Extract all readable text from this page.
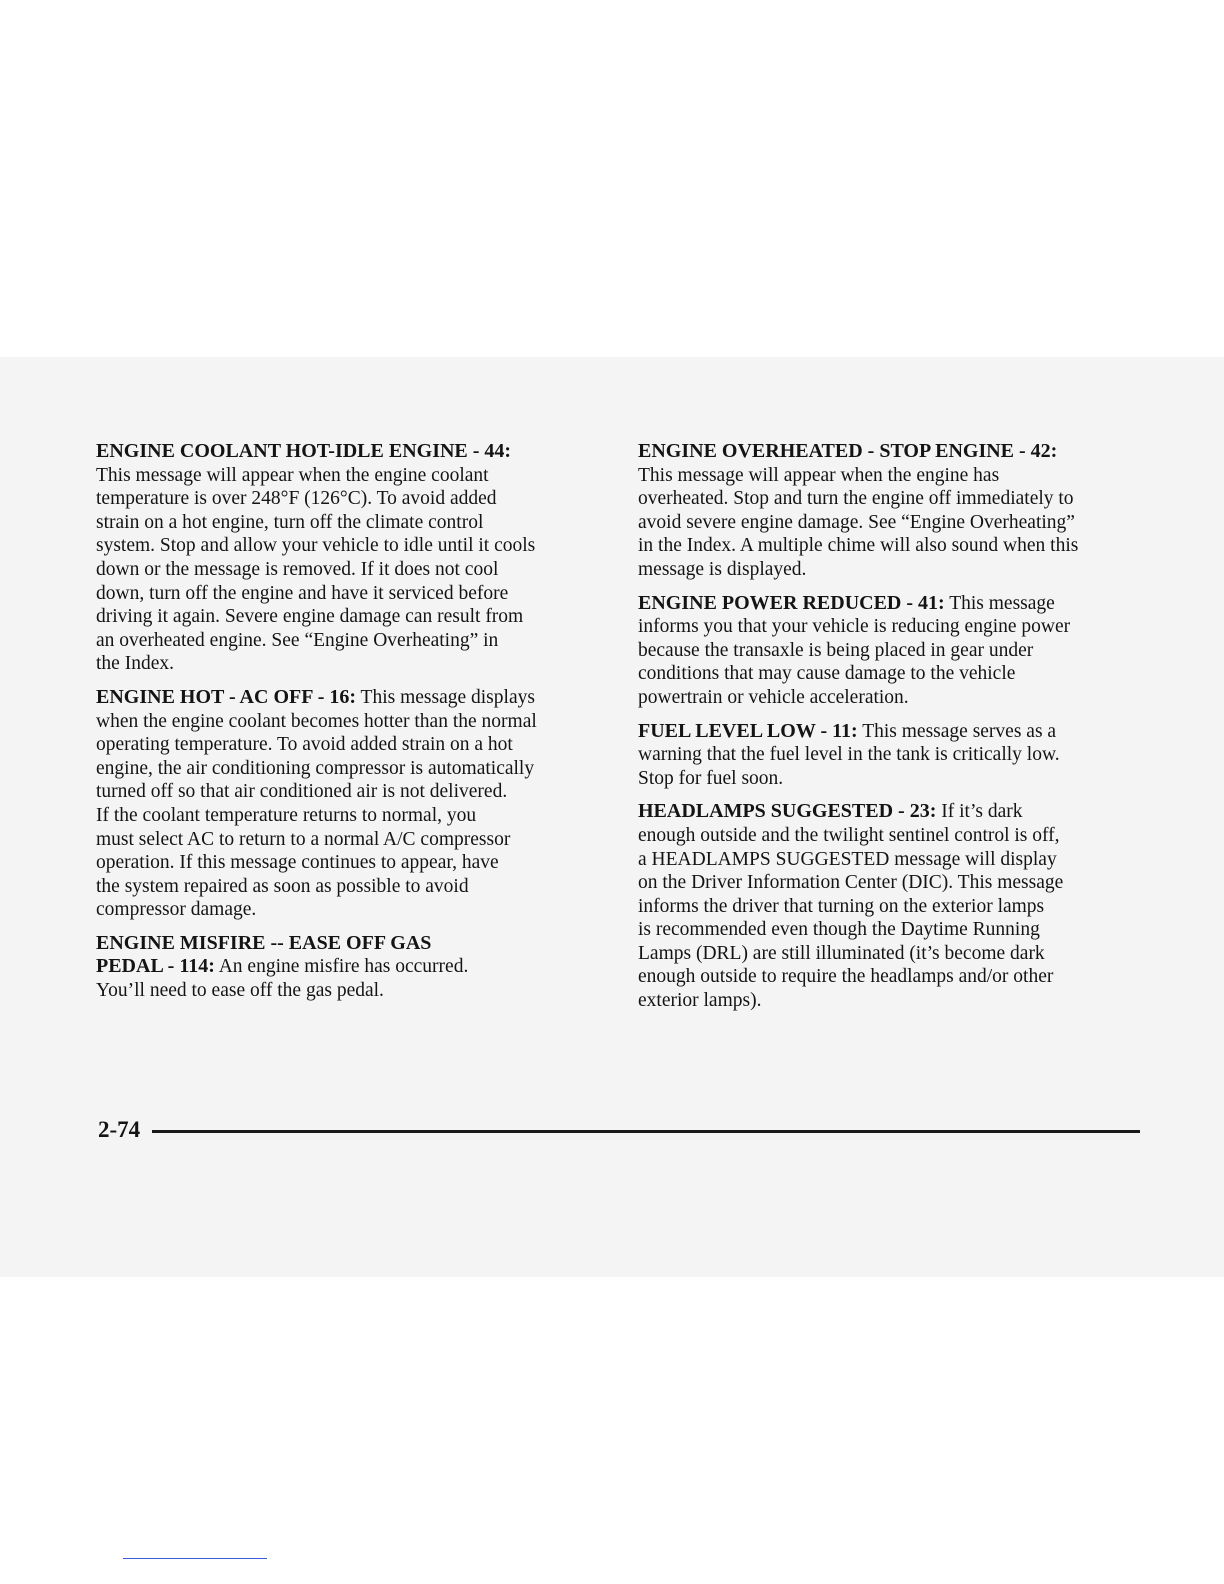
ENGINE COOLANT HOT-IDLE ENGINE - 44:
This message will appear when the engine coolant
temperature is over 248°F (126°C). To avoid added
strain on a hot engine, turn off the climate control
system. Stop and allow your vehicle to idle until it cools
down or the message is removed. If it does not cool
down, turn off the engine and have it serviced before
driving it again. Severe engine damage can result from
an overheated engine. See “Engine Overheating” in
the Index.
ENGINE HOT - AC OFF - 16: This message displays
when the engine coolant becomes hotter than the normal
operating temperature. To avoid added strain on a hot
engine, the air conditioning compressor is automatically
turned off so that air conditioned air is not delivered.
If the coolant temperature returns to normal, you
must select AC to return to a normal A/C compressor
operation. If this message continues to appear, have
the system repaired as soon as possible to avoid
compressor damage.
ENGINE MISFIRE -- EASE OFF GAS
PEDAL - 114: An engine misfire has occurred.
You’ll need to ease off the gas pedal.
ENGINE OVERHEATED - STOP ENGINE - 42:
This message will appear when the engine has
overheated. Stop and turn the engine off immediately to
avoid severe engine damage. See “Engine Overheating”
in the Index. A multiple chime will also sound when this
message is displayed.
ENGINE POWER REDUCED - 41: This message
informs you that your vehicle is reducing engine power
because the transaxle is being placed in gear under
conditions that may cause damage to the vehicle
powertrain or vehicle acceleration.
FUEL LEVEL LOW - 11: This message serves as a
warning that the fuel level in the tank is critically low.
Stop for fuel soon.
HEADLAMPS SUGGESTED - 23: If it’s dark
enough outside and the twilight sentinel control is off,
a HEADLAMPS SUGGESTED message will display
on the Driver Information Center (DIC). This message
informs the driver that turning on the exterior lamps
is recommended even though the Daytime Running
Lamps (DRL) are still illuminated (it’s become dark
enough outside to require the headlamps and/or other
exterior lamps).
2-74
